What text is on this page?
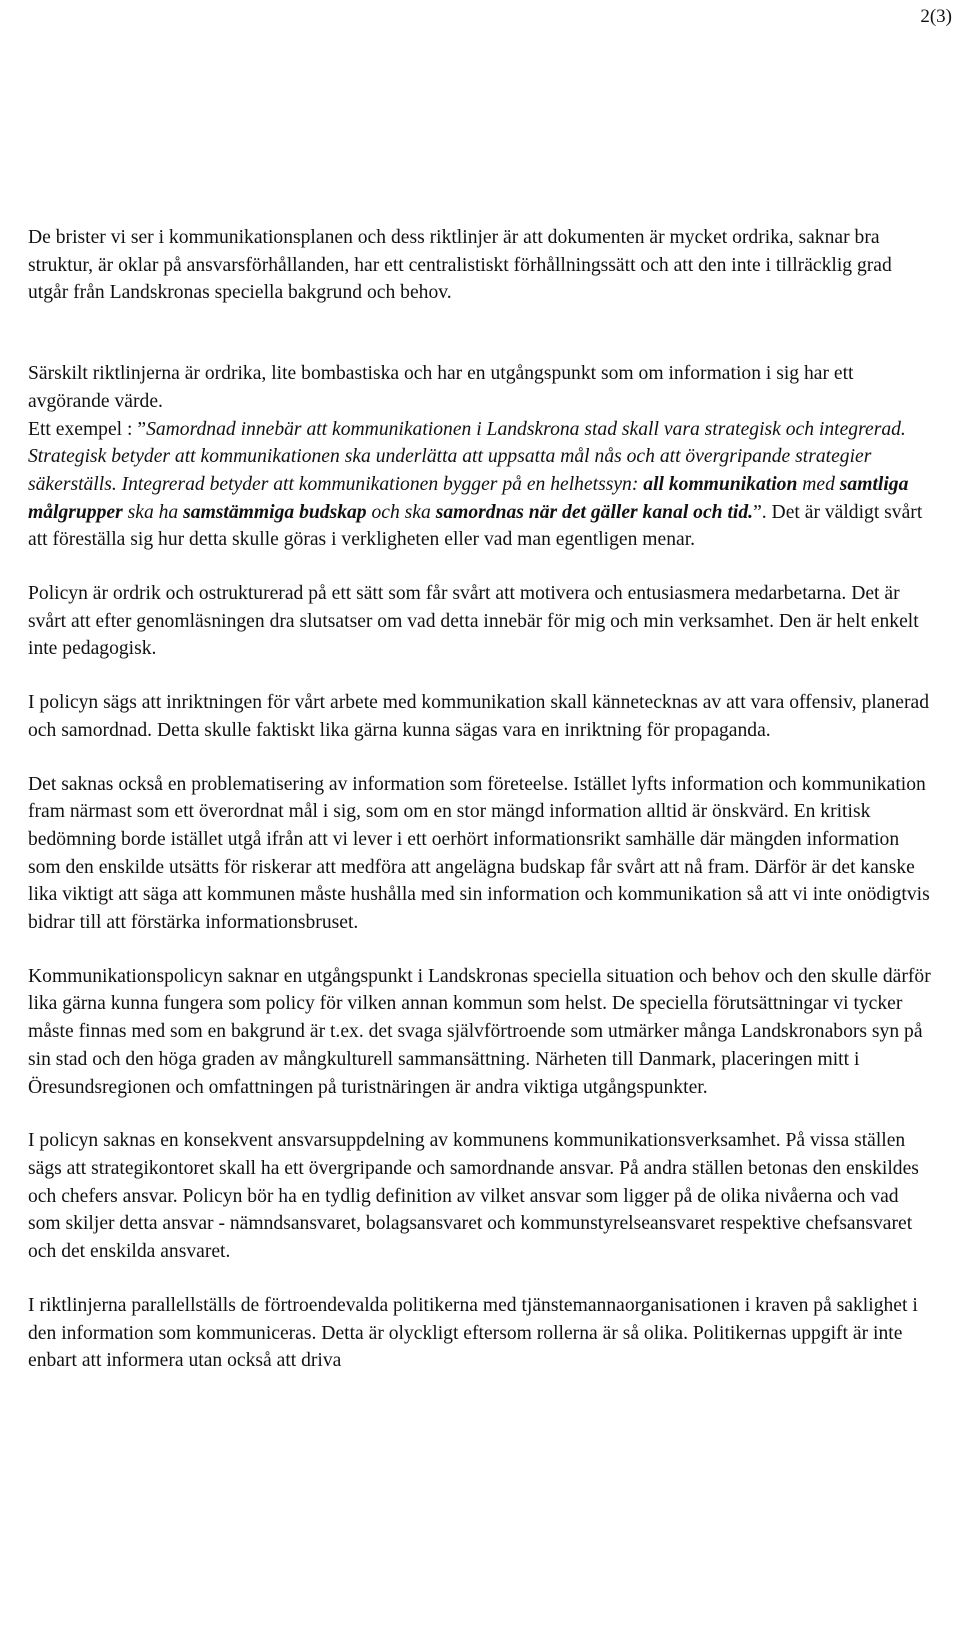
2(3)

De brister vi ser i kommunikationsplanen och dess riktlinjer är att dokumenten är mycket ordrika, saknar bra struktur, är oklar på ansvarsförhållanden, har ett centralistiskt förhållningssätt och att den inte i tillräcklig grad utgår från Landskronas speciella bakgrund och behov.

Särskilt riktlinjerna är ordrika, lite bombastiska och har en utgångspunkt som om information i sig har ett avgörande värde.
Ett exempel : ”Samordnad innebär att kommunikationen i Landskrona stad skall vara strategisk och integrerad. Strategisk betyder att kommunikationen ska underlätta att uppsatta mål nås och att övergripande strategier säkerställs. Integrerad betyder att kommunikationen bygger på en helhetssyn: all kommunikation med samtliga målgrupper ska ha samstämmiga budskap och ska samordnas när det gäller kanal och tid.”. Det är väldigt svårt att föreställa sig hur detta skulle göras i verkligheten eller vad man egentligen menar.

Policyn är ordrik och ostrukturerad på ett sätt som får svårt att motivera och entusiasmera medarbetarna. Det är svårt att efter genomläsningen dra slutsatser om vad detta innebär för mig och min verksamhet. Den är helt enkelt inte pedagogisk.

I policyn sägs att inriktningen för vårt arbete med kommunikation skall kännetecknas av att vara offensiv, planerad och samordnad. Detta skulle faktiskt lika gärna kunna sägas vara en inriktning för propaganda.

Det saknas också en problematisering av information som företeelse. Istället lyfts information och kommunikation fram närmast som ett överordnat mål i sig, som om en stor mängd information alltid är önskvärd. En kritisk bedömning borde istället utgå ifrån att vi lever i ett oerhört informationsrikt samhälle där mängden information som den enskilde utsätts för riskerar att medföra att angelägna budskap får svårt att nå fram. Därför är det kanske lika viktigt att säga att kommunen måste hushålla med sin information och kommunikation så att vi inte onödigtvis bidrar till att förstärka informationsbruset.

Kommunikationspolicyn saknar en utgångspunkt i Landskronas speciella situation och behov och den skulle därför lika gärna kunna fungera som policy för vilken annan kommun som helst. De speciella förutsättningar vi tycker måste finnas med som en bakgrund är t.ex. det svaga självförtroende som utmärker många Landskronabors syn på sin stad och den höga graden av mångkulturell sammansättning. Närheten till Danmark, placeringen mitt i Öresundsregionen och omfattningen på turistnäringen är andra viktiga utgångspunkter.

I policyn saknas en konsekvent ansvarsuppdelning av kommunens kommunikationsverksamhet. På vissa ställen sägs att strategikontoret skall ha ett övergripande och samordnande ansvar. På andra ställen betonas den enskildes och chefers ansvar. Policyn bör ha en tydlig definition av vilket ansvar som ligger på de olika nivåerna och vad som skiljer detta ansvar - nämndsansvaret, bolagsansvaret och kommunstyrelseansvaret respektive chefsansvaret och det enskilda ansvaret.

I riktlinjerna parallellställs de förtroendevalda politikerna med tjänstemannaorganisationen i kraven på saklighet i den information som kommuniceras. Detta är olyckligt eftersom rollerna är så olika. Politikernas uppgift är inte enbart att informera utan också att driva
